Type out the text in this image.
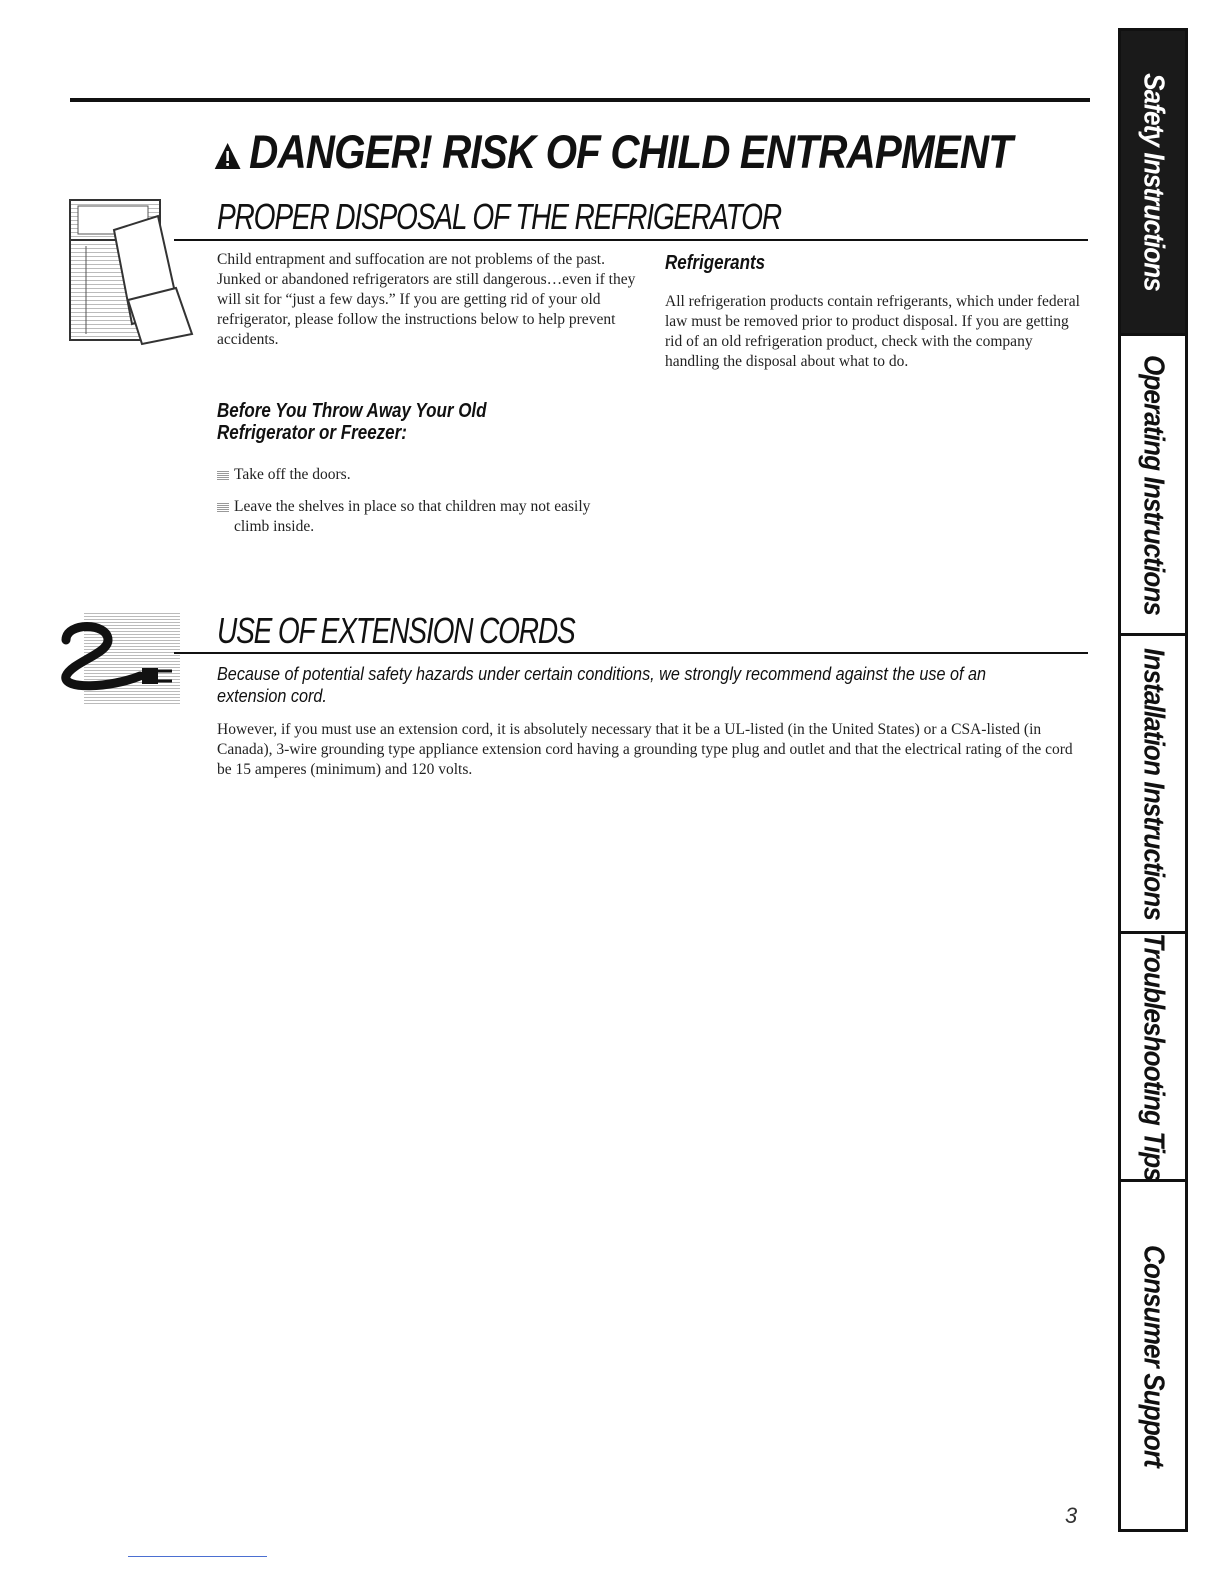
DANGER! RISK OF CHILD ENTRAPMENT
PROPER DISPOSAL OF THE REFRIGERATOR

Child entrapment and suffocation are not problems of the past. Junked or abandoned refrigerators are still dangerous…even if they will sit for “just a few days.” If you are getting rid of your old refrigerator, please follow the instructions below to help prevent accidents.

Before You Throw Away Your Old
Refrigerator or Freezer:
Take off the doors.
Leave the shelves in place so that children may not easily climb inside.
Refrigerants

All refrigeration products contain refrigerants, which under federal law must be removed prior to product disposal. If you are getting rid of an old refrigeration product, check with the company handling the disposal about what to do.

USE OF EXTENSION CORDS

Because of potential safety hazards under certain conditions, we strongly recommend against the use of an extension cord.

However, if you must use an extension cord, it is absolutely necessary that it be a UL-listed (in the United States) or a CSA-listed (in Canada), 3-wire grounding type appliance extension cord having a grounding type plug and outlet and that the electrical rating of the cord be 15 amperes (minimum) and 120 volts.

3
Safety Instructions
Operating Instructions
Installation Instructions
Troubleshooting Tips
Consumer Support
